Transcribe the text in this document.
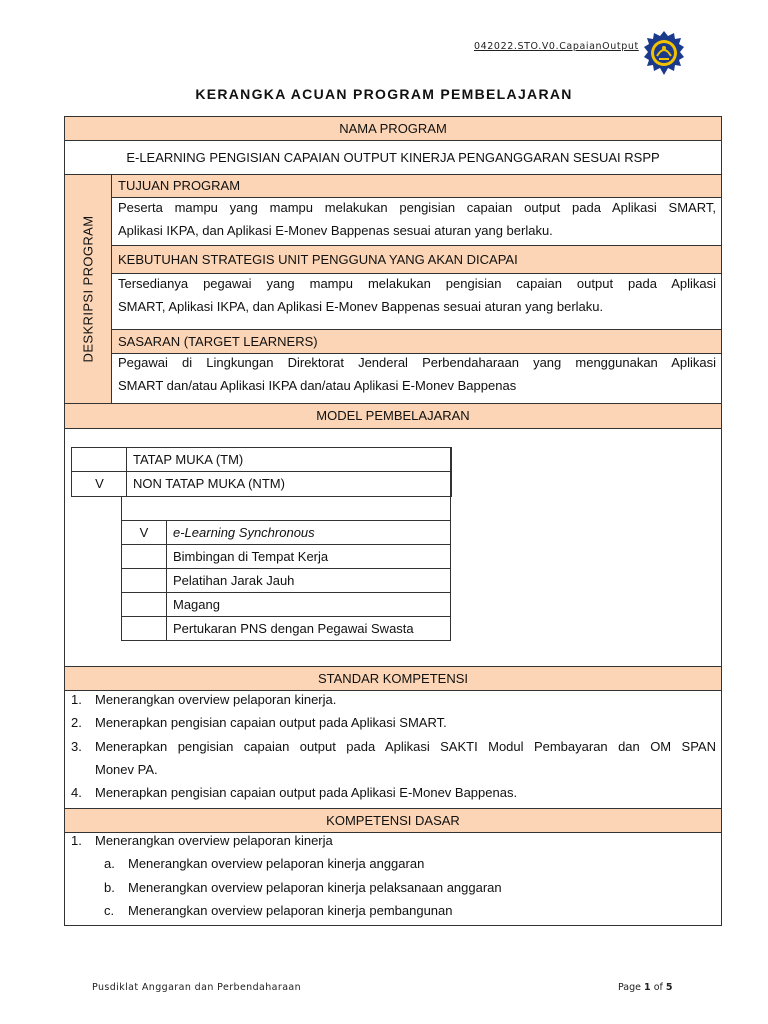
042022.STO.V0.CapaianOutput
KERANGKA ACUAN PROGRAM PEMBELAJARAN
NAMA PROGRAM
E-LEARNING PENGISIAN CAPAIAN OUTPUT KINERJA PENGANGGARAN SESUAI RSPP
DESKRIPSI PROGRAM
TUJUAN PROGRAM
Peserta mampu yang mampu melakukan pengisian capaian output pada Aplikasi SMART,
Aplikasi IKPA, dan Aplikasi E-Monev Bappenas sesuai aturan yang berlaku.
KEBUTUHAN STRATEGIS UNIT PENGGUNA YANG AKAN DICAPAI
Tersedianya pegawai yang mampu melakukan pengisian capaian output pada Aplikasi
SMART, Aplikasi IKPA, dan Aplikasi E-Monev Bappenas sesuai aturan yang berlaku.
SASARAN (TARGET LEARNERS)
Pegawai di Lingkungan Direktorat Jenderal Perbendaharaan yang menggunakan Aplikasi
SMART dan/atau Aplikasi IKPA dan/atau Aplikasi E-Monev Bappenas
MODEL PEMBELAJARAN
TATAP MUKA (TM)
V	NON TATAP MUKA (NTM)
V	e-Learning Synchronous
Bimbingan di Tempat Kerja
Pelatihan Jarak Jauh
Magang
Pertukaran PNS dengan Pegawai Swasta
STANDAR KOMPETENSI
1. Menerangkan overview pelaporan kinerja.
2. Menerapkan pengisian capaian output pada Aplikasi SMART.
3. Menerapkan pengisian capaian output pada Aplikasi SAKTI Modul Pembayaran dan OM SPAN
Monev PA.
4. Menerapkan pengisian capaian output pada Aplikasi E-Monev Bappenas.
KOMPETENSI DASAR
1. Menerangkan overview pelaporan kinerja
a. Menerangkan overview pelaporan kinerja anggaran
b. Menerangkan overview pelaporan kinerja pelaksanaan anggaran
c. Menerangkan overview pelaporan kinerja pembangunan
Pusdiklat Anggaran dan Perbendaharaan	Page 1 of 5
